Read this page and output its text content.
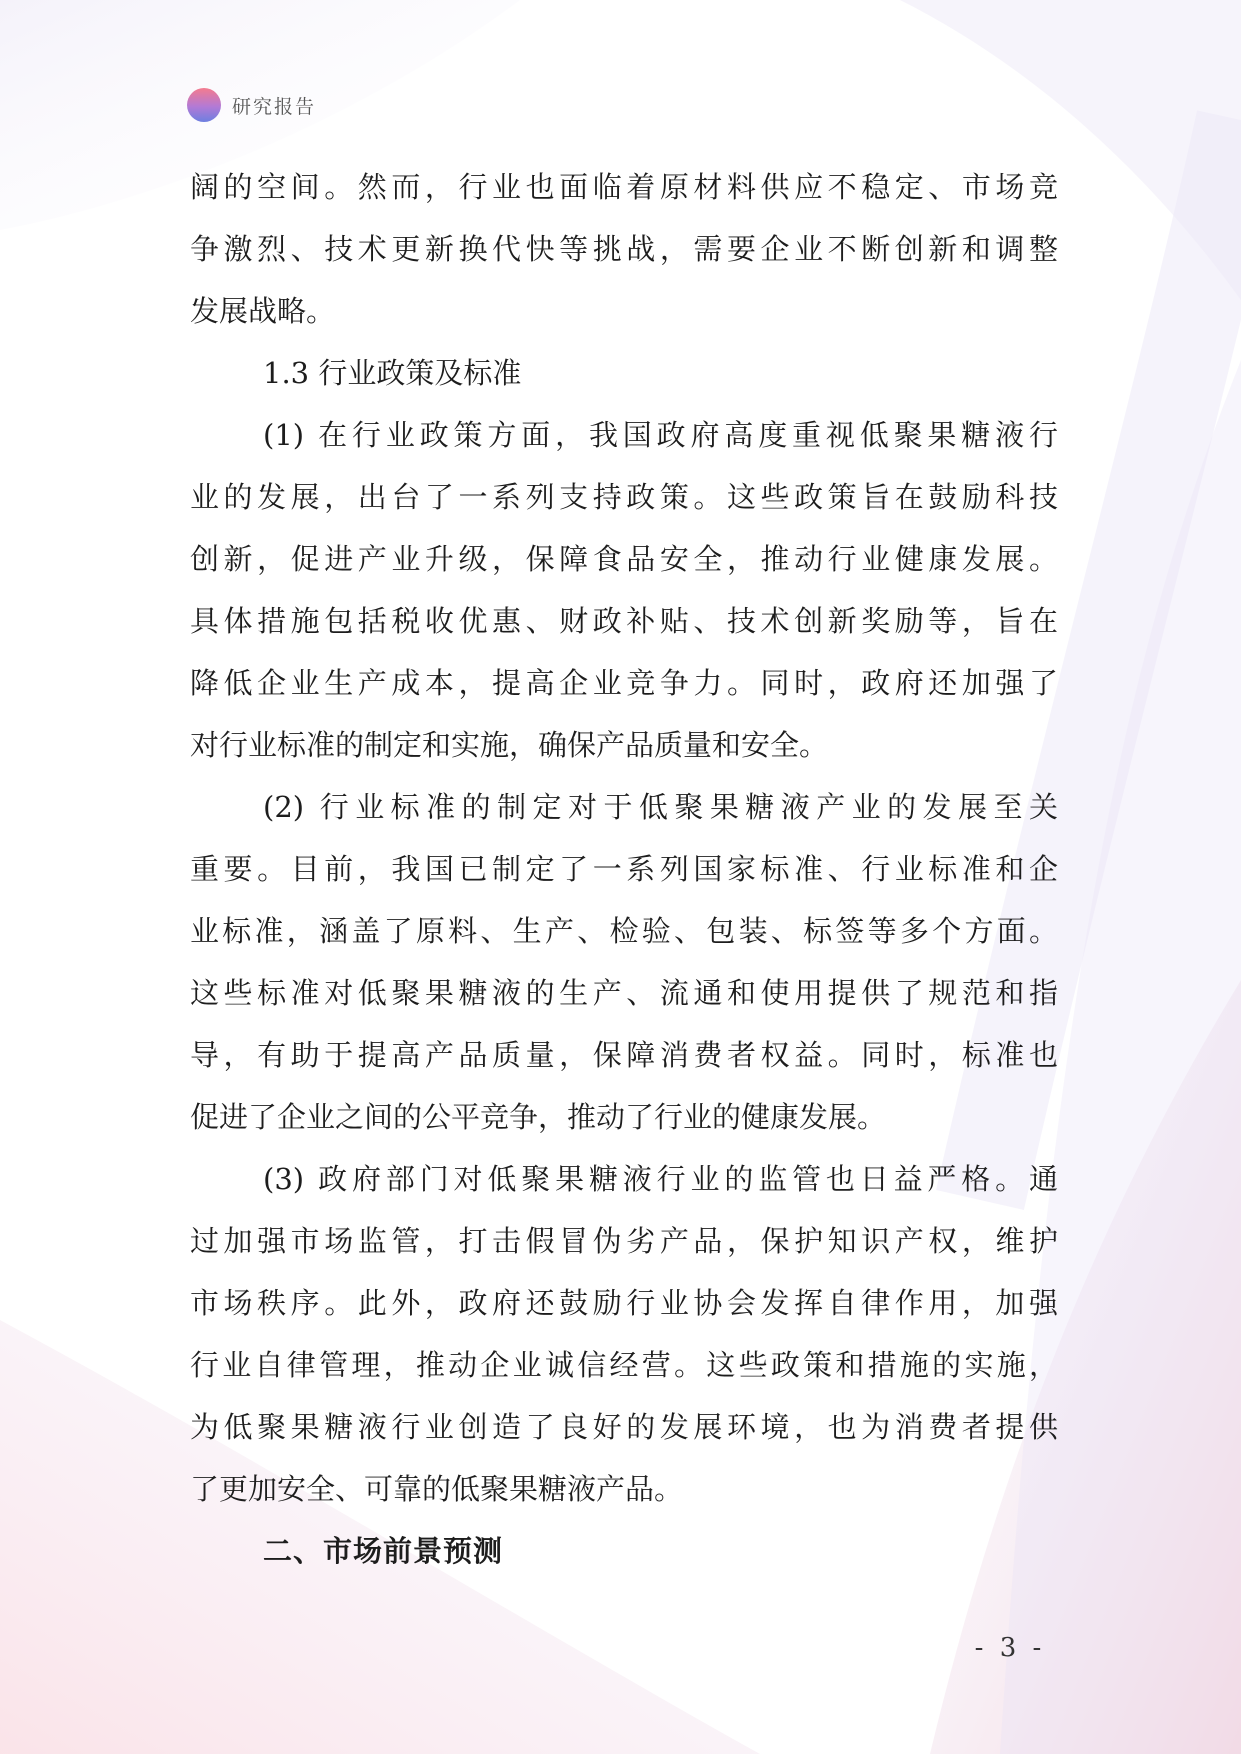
研究报告
阔的空间。然而，行业也面临着原材料供应不稳定、市场竞
争激烈、技术更新换代快等挑战，需要企业不断创新和调整
发展战略。
1.3 行业政策及标准
(1) 在行业政策方面，我国政府高度重视低聚果糖液行
业的发展，出台了一系列支持政策。这些政策旨在鼓励科技
创新，促进产业升级，保障食品安全，推动行业健康发展。
具体措施包括税收优惠、财政补贴、技术创新奖励等，旨在
降低企业生产成本，提高企业竞争力。同时，政府还加强了
对行业标准的制定和实施，确保产品质量和安全。
(2) 行业标准的制定对于低聚果糖液产业的发展至关
重要。目前，我国已制定了一系列国家标准、行业标准和企
业标准，涵盖了原料、生产、检验、包装、标签等多个方面。
这些标准对低聚果糖液的生产、流通和使用提供了规范和指
导，有助于提高产品质量，保障消费者权益。同时，标准也
促进了企业之间的公平竞争，推动了行业的健康发展。
(3) 政府部门对低聚果糖液行业的监管也日益严格。通
过加强市场监管，打击假冒伪劣产品，保护知识产权，维护
市场秩序。此外，政府还鼓励行业协会发挥自律作用，加强
行业自律管理，推动企业诚信经营。这些政策和措施的实施，
为低聚果糖液行业创造了良好的发展环境，也为消费者提供
了更加安全、可靠的低聚果糖液产品。
二、市场前景预测
- 3 -
